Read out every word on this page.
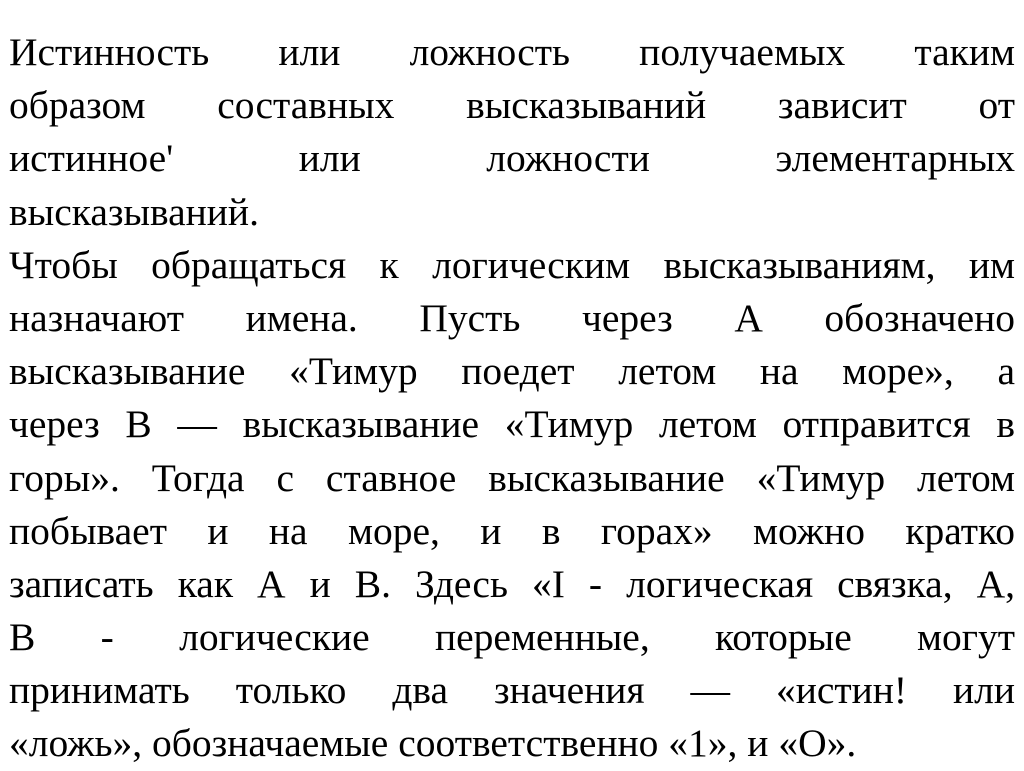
Истинность или ложность получаемых таким
образом составных высказываний зависит от
истинное' или ложности элементарных
высказываний.
Чтобы обращаться к логическим высказываниям, им
назначают имена. Пусть через А обозначено
высказывание «Тимур поедет летом на море», а
через В — высказывание «Тимур летом отправится в
горы». Тогда с ставное высказывание «Тимур летом
побывает и на море, и в горах» можно кратко
записать как А и В. Здесь «I - логическая связка, А,
В - логические переменные, которые могут
принимать только два значения — «истин! или
«ложь», обозначаемые соответственно «1», и «О».
